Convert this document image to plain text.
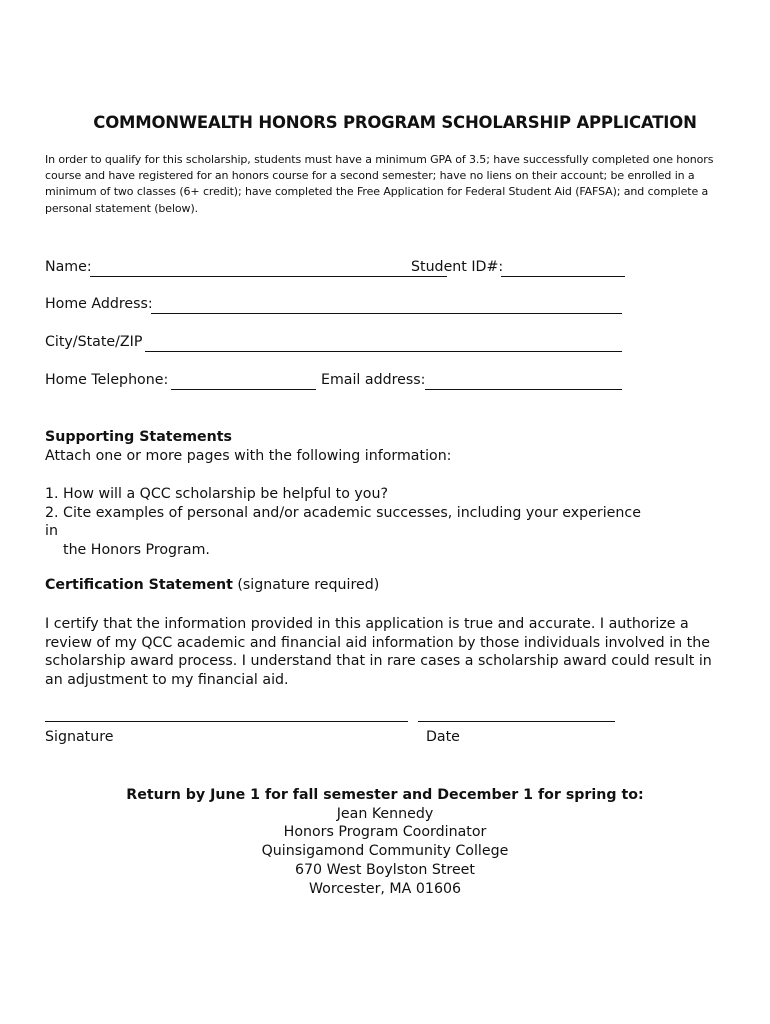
COMMONWEALTH HONORS PROGRAM SCHOLARSHIP APPLICATION
In order to qualify for this scholarship, students must have a minimum GPA of 3.5; have successfully completed one honors course and have registered for an honors course for a second semester; have no liens on their account; be enrolled in a minimum of two classes (6+ credit); have completed the Free Application for Federal Student Aid (FAFSA); and complete a personal statement (below).
Name:	Student ID#:
Home Address:
City/State/ZIP
Home Telephone:	Email address:
Supporting Statements
Attach one or more pages with the following information:
1. How will a QCC scholarship be helpful to you?
2. Cite examples of personal and/or academic successes, including your experience in
the Honors Program.
Certification Statement (signature required)
I certify that the information provided in this application is true and accurate. I authorize a review of my QCC academic and financial aid information by those individuals involved in the scholarship award process. I understand that in rare cases a scholarship award could result in an adjustment to my financial aid.
Signature	Date
Return by June 1 for fall semester and December 1 for spring to:
Jean Kennedy
Honors Program Coordinator
Quinsigamond Community College
670 West Boylston Street
Worcester, MA 01606
